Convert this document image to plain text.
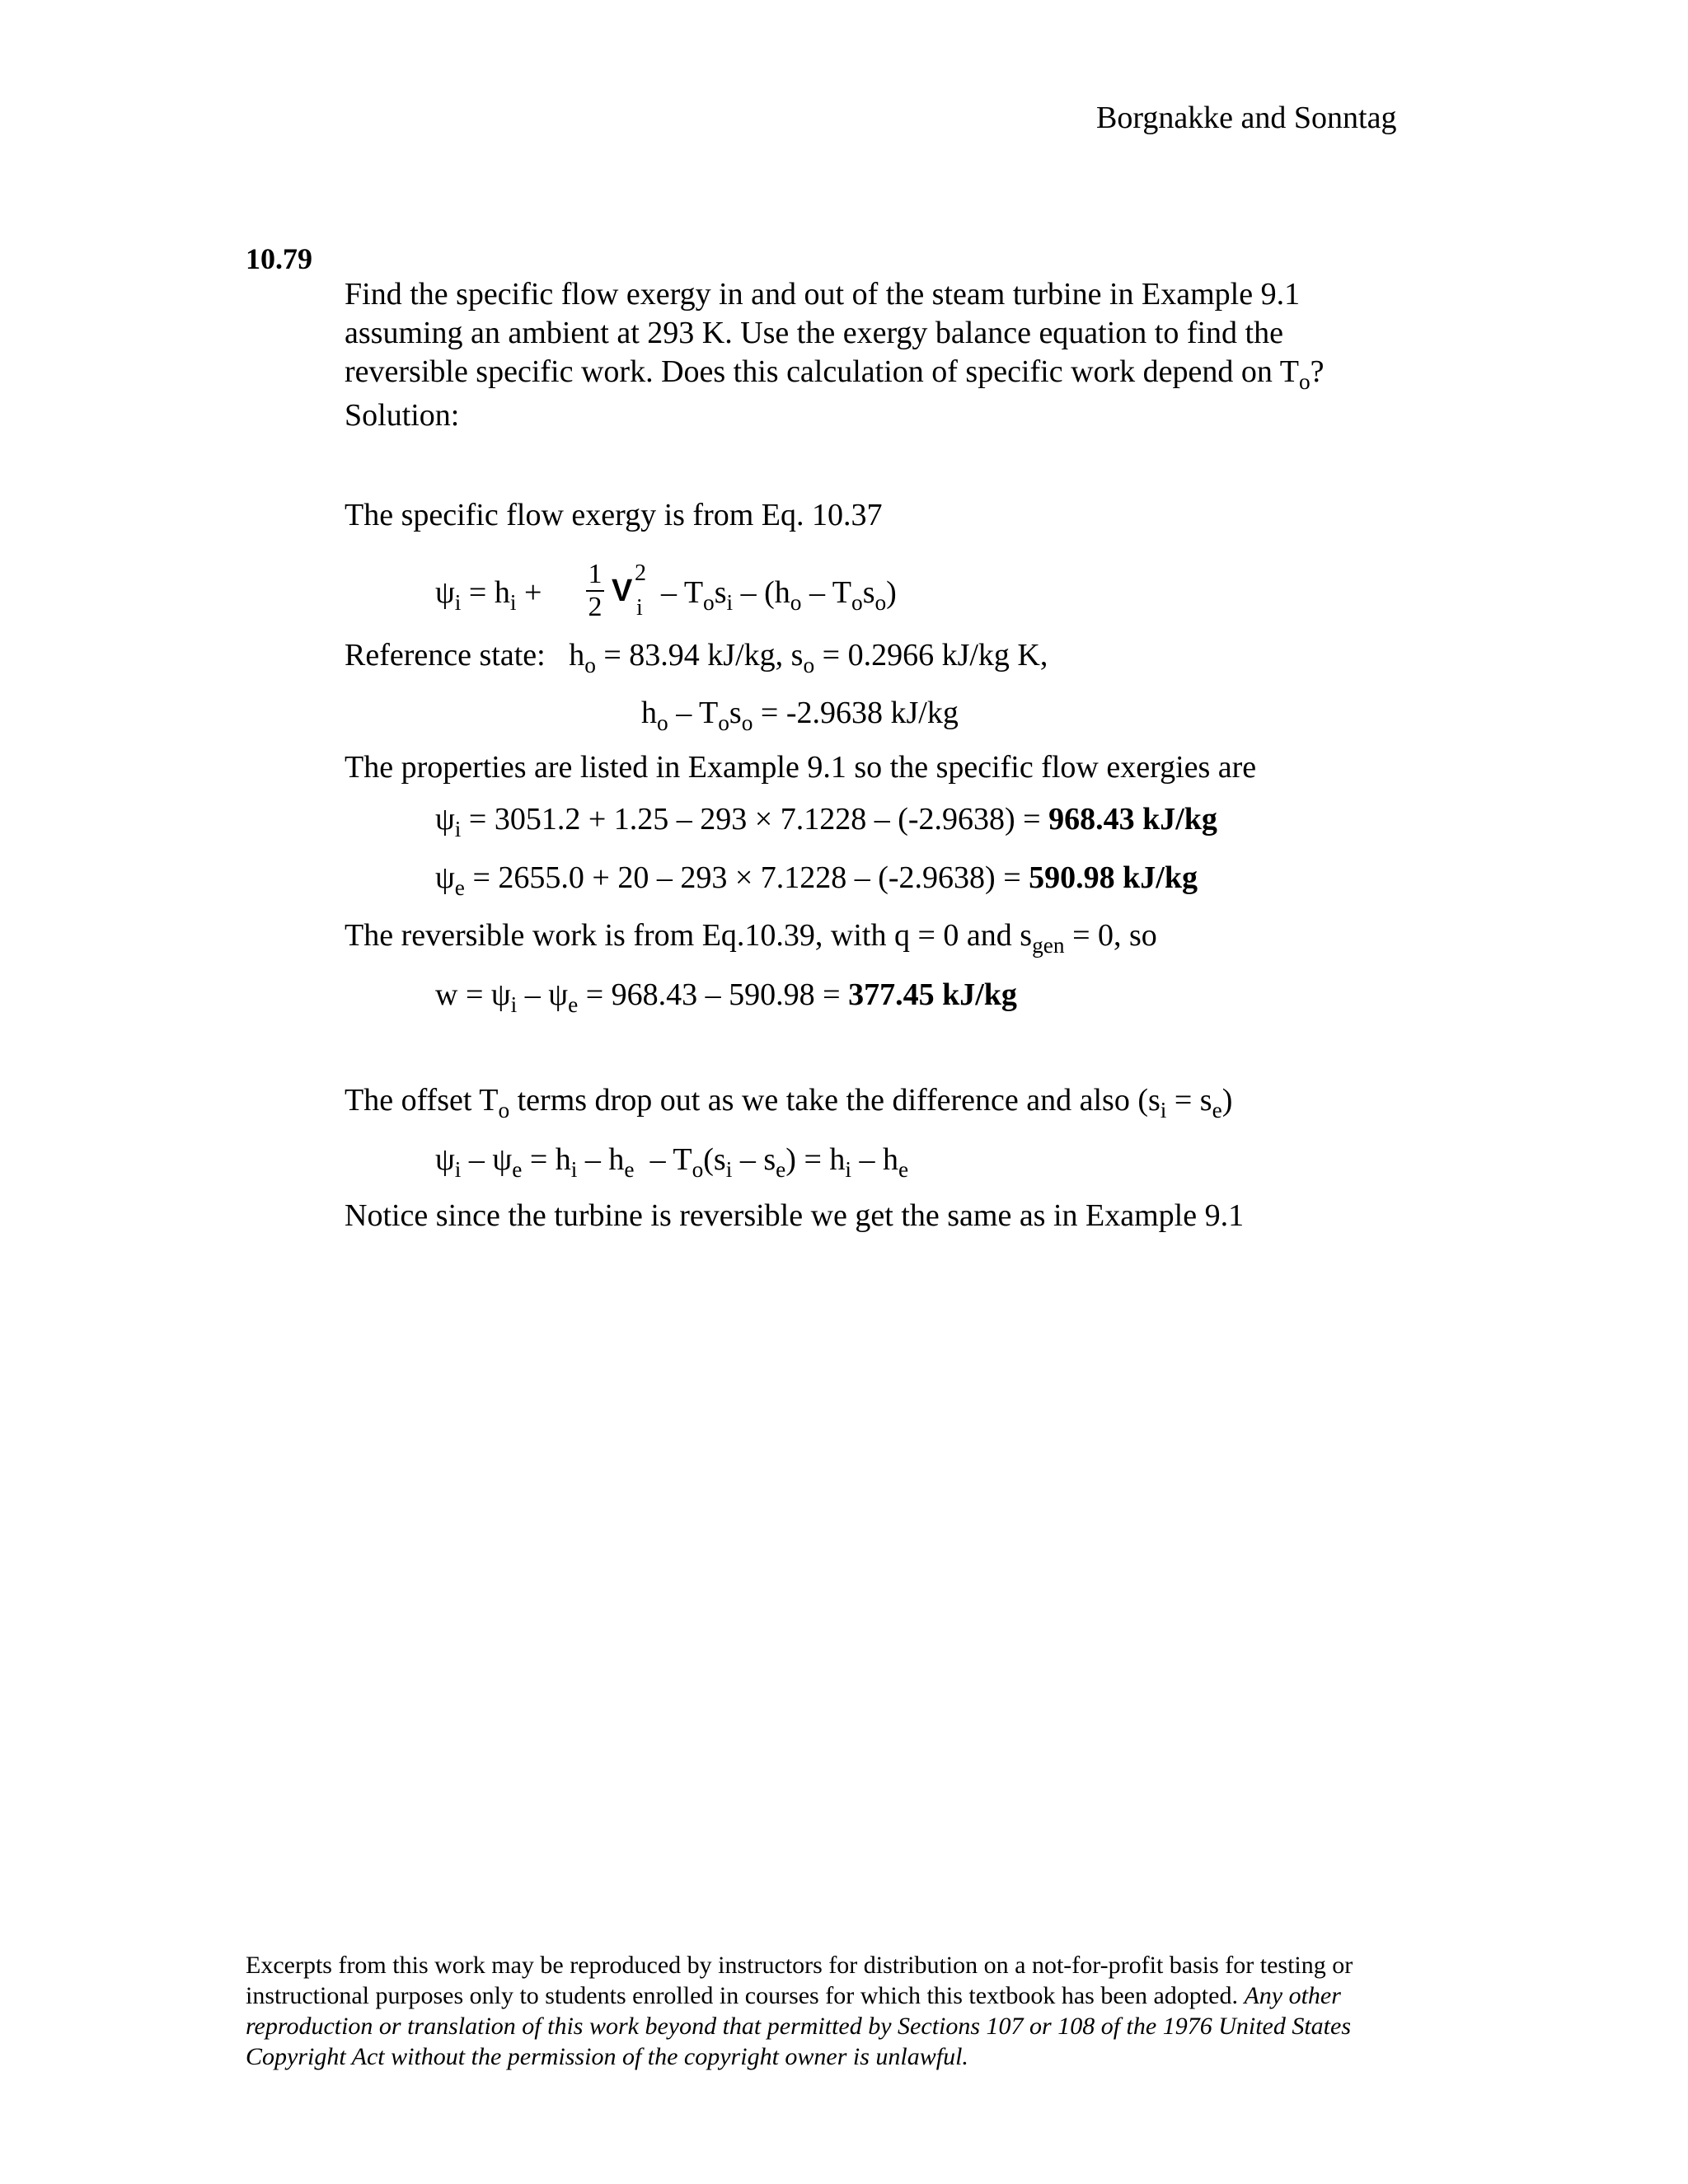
Borgnakke and Sonntag
10.79
Find the specific flow exergy in and out of the steam turbine in Example 9.1
assuming an ambient at 293 K. Use the exergy balance equation to find the
reversible specific work. Does this calculation of specific work depend on $T_o$?
Solution:
The specific flow exergy is from Eq. 10.37
$\psi_i = h_i$ +
1
2 V
2
i – $T_os_i - (h_o - T_os_o)$
Reference state:   $h_o = 83.94$ kJ/kg, $s_o = 0.2966$ kJ/kg K,
$h_o - T_os_o = -2.9638$ kJ/kg
The properties are listed in Example 9.1 so the specific flow exergies are
$\psi_i = 3051.2 + 1.25 - 293 \times 7.1228 - (-2.9638) = 968.43$ kJ/kg
$\psi_e = 2655.0 + 20 - 293 \times 7.1228 - (-2.9638) = 590.98$ kJ/kg
The reversible work is from Eq.10.39, with q = 0 and $s_{gen} = 0$, so
$w = \psi_i - \psi_e = 968.43 - 590.98 = 377.45$ kJ/kg
The offset $T_o$ terms drop out as we take the difference and also $(s_i = s_e)$
$\psi_i - \psi_e = h_i - h_e - T_o(s_i - s_e) = h_i - h_e$
Notice since the turbine is reversible we get the same as in Example 9.1
Excerpts from this work may be reproduced by instructors for distribution on a not-for-profit basis for testing or instructional purposes only to students enrolled in courses for which this textbook has been adopted. Any other reproduction or translation of this work beyond that permitted by Sections 107 or 108 of the 1976 United States Copyright Act without the permission of the copyright owner is unlawful.
